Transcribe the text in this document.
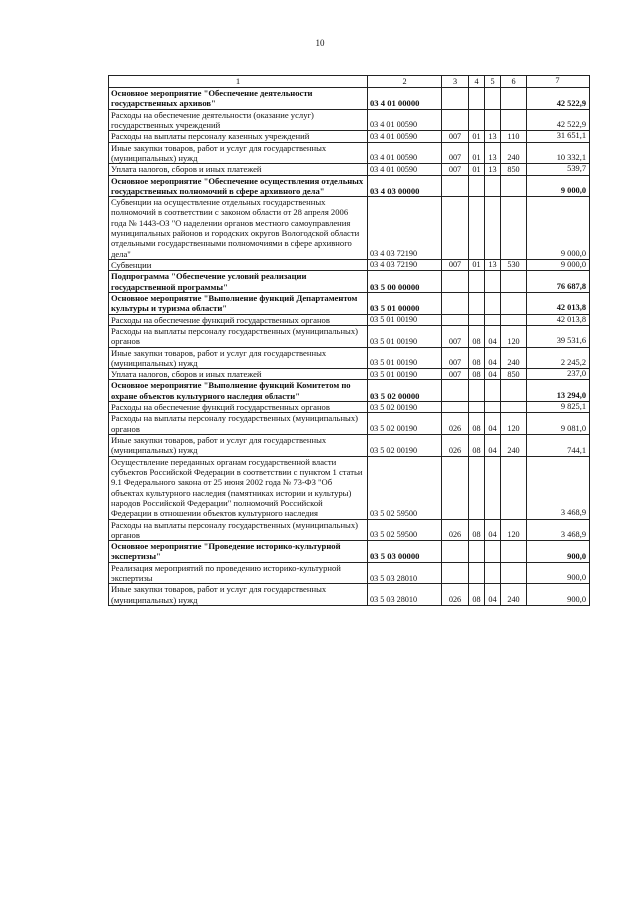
10
1	2	3	4	5	6	7
Основное мероприятие "Обеспечение деятельности государственных архивов"	03 4 01 00000					42 522,9
Расходы на обеспечение деятельности (оказание услуг) государственных учреждений	03 4 01 00590					42 522,9
Расходы на выплаты персоналу казенных учреждений	03 4 01 00590	007	01	13	110	31 651,1
Иные закупки товаров, работ и услуг для государственных (муниципальных) нужд	03 4 01 00590	007	01	13	240	10 332,1
Уплата налогов, сборов и иных платежей	03 4 01 00590	007	01	13	850	539,7
Основное мероприятие "Обеспечение осуществления отдельных государственных полномочий в сфере архивного дела"	03 4 03 00000					9 000,0
Субвенции на осуществление отдельных государственных полномочий в соответствии с законом области от 28 апреля 2006 года № 1443-ОЗ "О наделении органов местного самоуправления муниципальных районов и городских округов Вологодской области отдельными государственными полномочиями в сфере архивного дела"	03 4 03 72190					9 000,0
Субвенции	03 4 03 72190	007	01	13	530	9 000,0
Подпрограмма "Обеспечение условий реализации государственной программы"	03 5 00 00000					76 687,8
Основное мероприятие "Выполнение функций Департаментом культуры и туризма области"	03 5 01 00000					42 013,8
Расходы на обеспечение функций государственных органов	03 5 01 00190					42 013,8
Расходы на выплаты персоналу государственных (муниципальных) органов	03 5 01 00190	007	08	04	120	39 531,6
Иные закупки товаров, работ и услуг для государственных (муниципальных) нужд	03 5 01 00190	007	08	04	240	2 245,2
Уплата налогов, сборов и иных платежей	03 5 01 00190	007	08	04	850	237,0
Основное мероприятие "Выполнение функций Комитетом по охране объектов культурного наследия области"	03 5 02 00000					13 294,0
Расходы на обеспечение функций государственных органов	03 5 02 00190					9 825,1
Расходы на выплаты персоналу государственных (муниципальных) органов	03 5 02 00190	026	08	04	120	9 081,0
Иные закупки товаров, работ и услуг для государственных (муниципальных) нужд	03 5 02 00190	026	08	04	240	744,1
Осуществление переданных органам государственной власти субъектов Российской Федерации в соответствии с пунктом 1 статьи 9.1 Федерального закона от 25 июня 2002 года № 73-ФЗ "Об объектах культурного наследия (памятниках истории и культуры) народов Российской Федерации" полномочий Российской Федерации в отношении объектов культурного наследия	03 5 02 59500					3 468,9
Расходы на выплаты персоналу государственных (муниципальных) органов	03 5 02 59500	026	08	04	120	3 468,9
Основное мероприятие "Проведение историко-культурной экспертизы"	03 5 03 00000					900,0
Реализация мероприятий по проведению историко-культурной экспертизы	03 5 03 28010					900,0
Иные закупки товаров, работ и услуг для государственных (муниципальных) нужд	03 5 03 28010	026	08	04	240	900,0
